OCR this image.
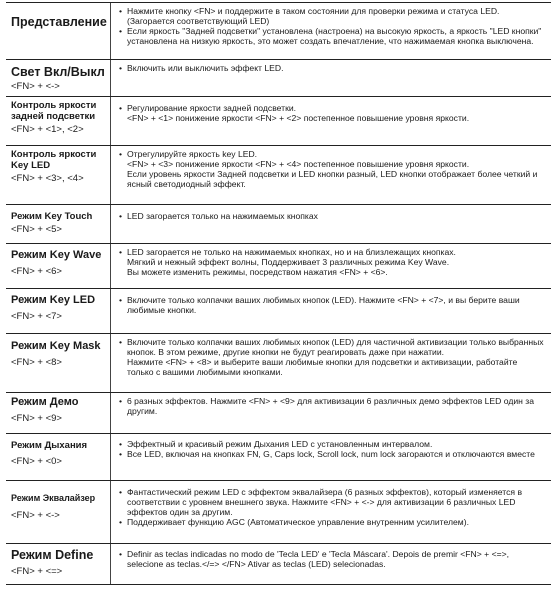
Представление
• Нажмите кнопку <FN> и поддержите в таком состоянии для проверки режима и статуса LED. (Загорается соответствующий LED)
• Если яркость "Задней подсветки" установлена (настроена) на высокую яркость, а яркость "LED кнопки" установлена на низкую яркость, это может создать впечатление, что нажимаемая кнопка выключена.
Свет Вкл/Выкл
<FN> + <->
• Включить или выключить эффект LED.
Контроль яркости задней подсветки
<FN> + <1>, <2>
• Регулирование яркости задней подсветки.
<FN> + <1> понижение яркости <FN> + <2> постепенное повышение уровня яркости.
Контроль яркости Key LED
<FN> + <3>, <4>
• Отрегулируйте яркость key LED.
<FN> + <3> понижение яркости <FN> + <4> постепенное повышение уровня яркости.
Если уровень яркости Задней подсветки и LED кнопки разный, LED кнопки отображает более четкий и ясный светодиодный эффект.
Режим Key Touch
<FN> + <5>
• LED загорается только на нажимаемых кнопках
Режим Key Wave
<FN> + <6>
• LED загорается не только на нажимаемых кнопках, но и на близлежащих кнопках.
Мягкий и нежный эффект волны, Поддерживает 3 различных режима Key Wave.
Вы можете изменить режимы, посредством нажатия <FN> + <6>.
Режим Key LED
<FN> + <7>
• Включите только колпачки ваших любимых кнопок (LED). Нажмите <FN> + <7>, и вы берите ваши любимые кнопки.
Режим Key Mask
<FN> + <8>
• Включите только колпачки ваших любимых кнопок (LED) для частичной активизации только выбранных кнопок. В этом режиме, другие кнопки не будут реагировать даже при нажатии.
Нажмите <FN> + <8> и выберите ваши любимые кнопки для подсветки и активизации, работайте только с вашими любимыми кнопками.
Режим Демо
<FN> + <9>
• 6 разных эффектов. Нажмите <FN> + <9> для активизации 6 различных демо эффектов LED один за другим.
Режим Дыхания
<FN> + <0>
• Эффектный и красивый режим Дыхания LED с установленным интервалом.
• Все LED, включая на кнопках FN, G, Caps lock, Scroll lock, num lock загораются и отключаются вместе
Режим Эквалайзер
<FN> + <->
• Фантастический режим LED с эффектом эквалайзера (6 разных эффектов), который изменяется в соответствии с уровнем внешнего звука. Нажмите <FN> + <-> для активизации 6 различных LED эффектов один за другим.
• Поддерживает функцию AGC (Автоматическое управление внутренним усилителем).
Режим Define
<FN> + <=>
• Definir as teclas indicadas no modo de 'Tecla LED' e 'Tecla Máscara'. Depois de premir <FN> + <=>, selecione as teclas.</=> </FN> Ativar as teclas (LED) selecionadas.
